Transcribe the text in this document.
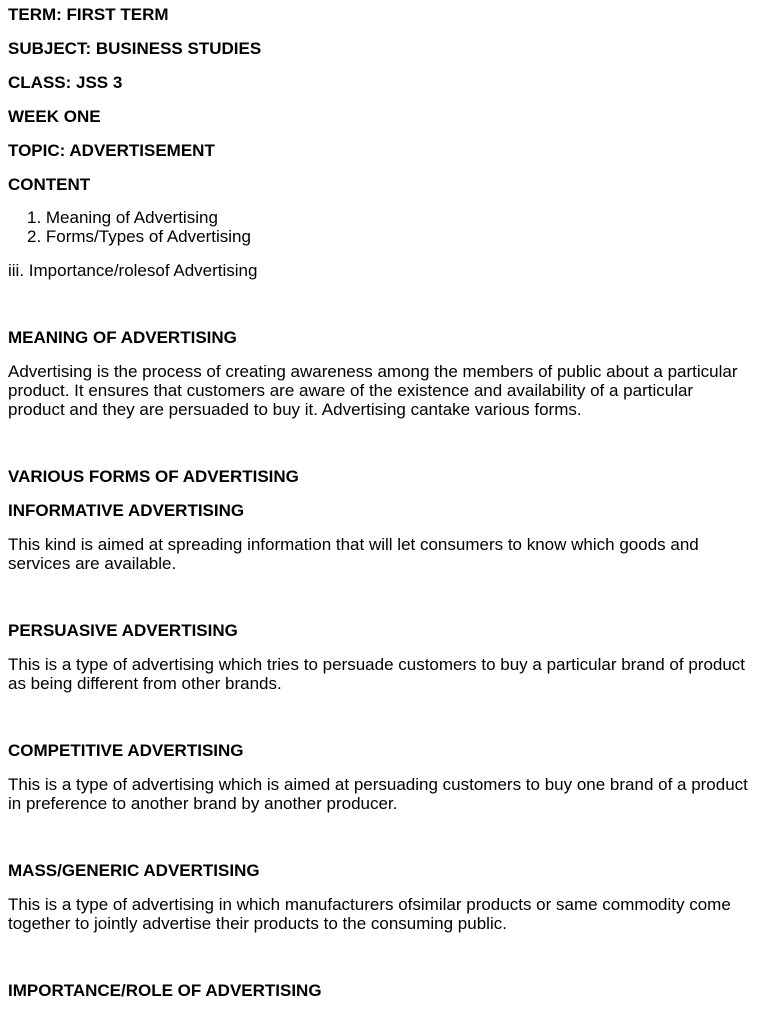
TERM: FIRST TERM

SUBJECT: BUSINESS STUDIES

CLASS: JSS 3

WEEK ONE

TOPIC: ADVERTISEMENT

CONTENT

1. Meaning of Advertising
2. Forms/Types of Advertising

iii. Importance/rolesof Advertising

MEANING OF ADVERTISING

Advertising is the process of creating awareness among the members of public about a particular product. It ensures that customers are aware of the existence and availability of a particular product and they are persuaded to buy it. Advertising cantake various forms.

VARIOUS FORMS OF ADVERTISING

INFORMATIVE ADVERTISING

This kind is aimed at spreading information that will let consumers to know which goods and services are available.

PERSUASIVE ADVERTISING

This is a type of advertising which tries to persuade customers to buy a particular brand of product as being different from other brands.

COMPETITIVE ADVERTISING

This is a type of advertising which is aimed at persuading customers to buy one brand of a product in preference to another brand by another producer.

MASS/GENERIC ADVERTISING

This is a type of advertising in which manufacturers ofsimilar products or same commodity come together to jointly advertise their products to the consuming public.

IMPORTANCE/ROLE OF ADVERTISING
